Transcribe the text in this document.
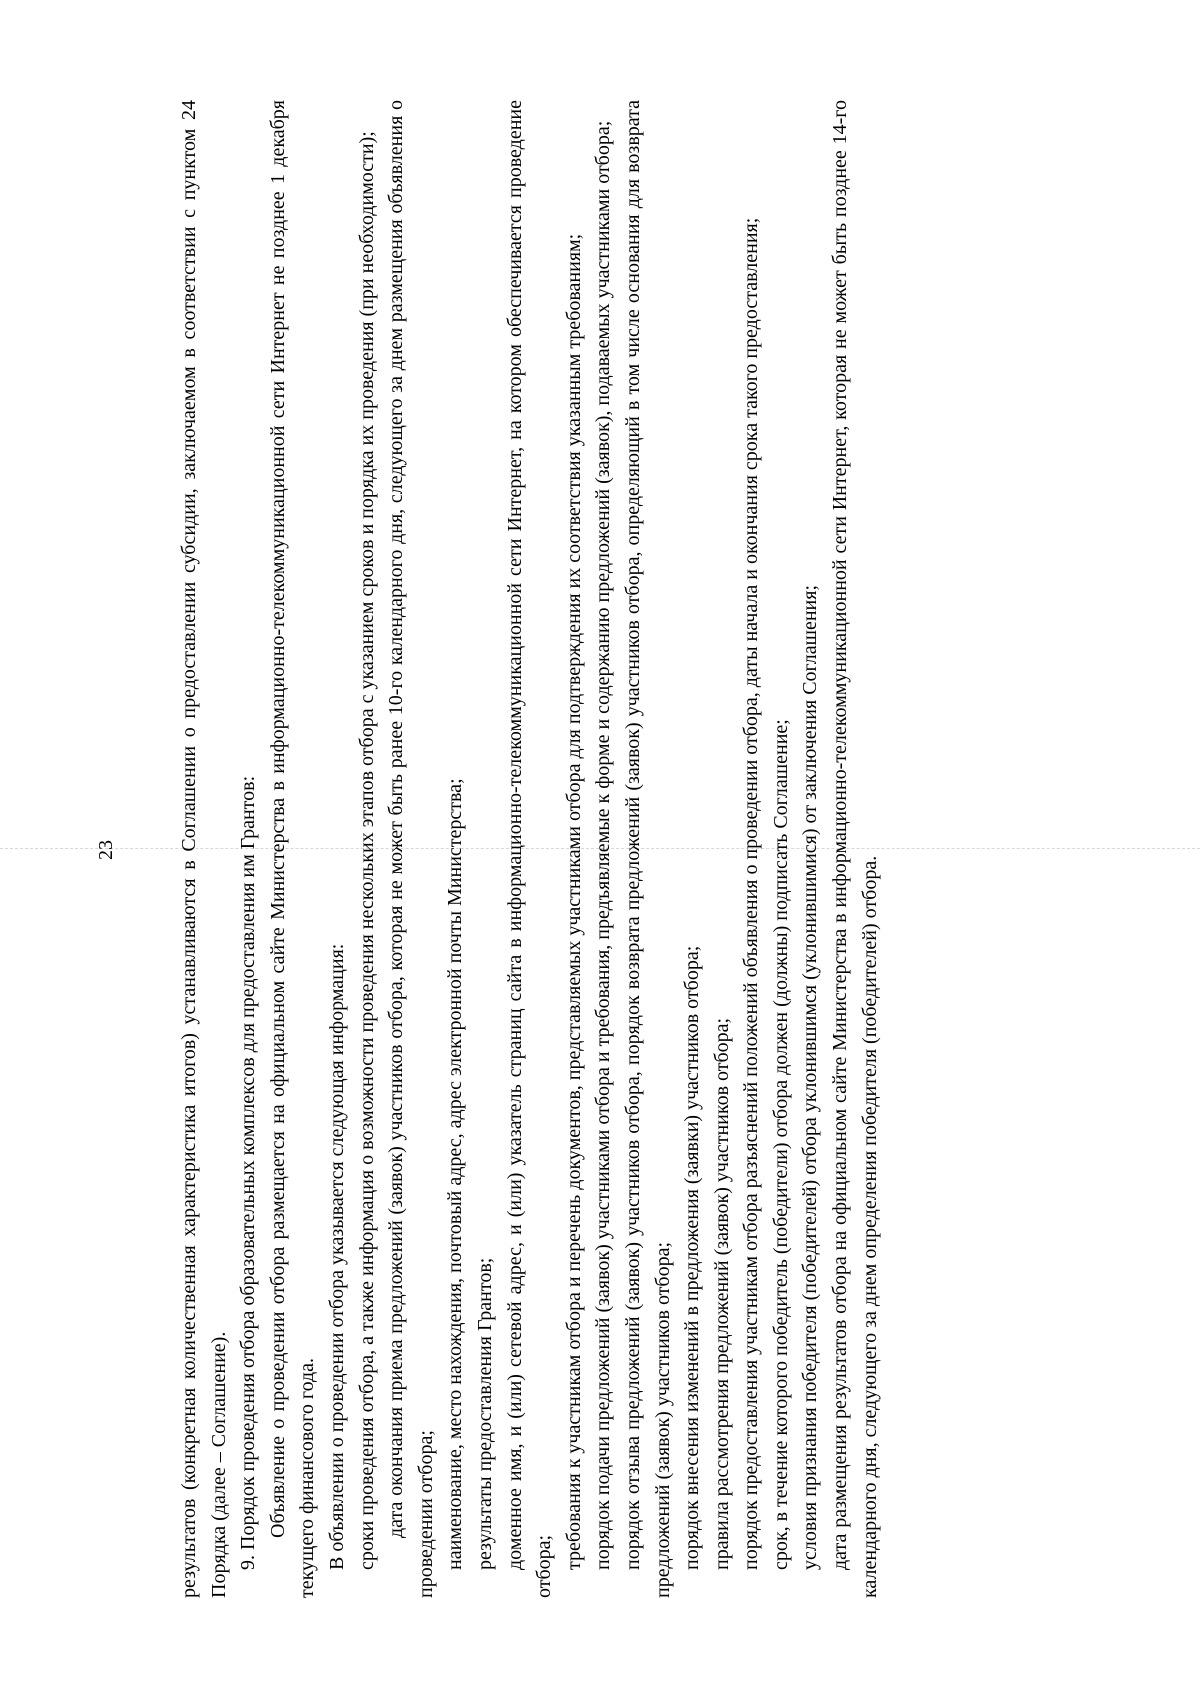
23	результатов (конкретная количественная характеристика итогов) устанавливаются в Соглашении о предоставлении субсидии, заключаемом в соответствии с пунктом 24 Порядка (далее – Соглашение). 9. Порядок проведения отбора образовательных комплексов для предоставления им Грантов: Объявление о проведении отбора размещается на официальном сайте Министерства в информационно-телекоммуникационной сети Интернет не позднее 1 декабря текущего финансового года. В объявлении о проведении отбора указывается следующая информация: сроки проведения отбора, а также информация о возможности проведения нескольких этапов отбора с указанием сроков и порядка их проведения (при необходимости); дата окончания приема предложений (заявок) участников отбора, которая не может быть ранее 10-го календарного дня, следующего за днем размещения объявления о проведении отбора; наименование, место нахождения, почтовый адрес, адрес электронной почты Министерства; результаты предоставления Грантов; доменное имя, и (или) сетевой адрес, и (или) указатель страниц сайта в информационно-телекоммуникационной сети Интернет, на котором обеспечивается проведение отбора; требования к участникам отбора и перечень документов, представляемых участниками отбора для подтверждения их соответствия указанным требованиям; порядок подачи предложений (заявок) участниками отбора и требования, предъявляемые к форме и содержанию предложений (заявок), подаваемых участниками отбора; порядок отзыва предложений (заявок) участников отбора, порядок возврата предложений (заявок) участников отбора, определяющий в том числе основания для возврата предложений (заявок) участников отбора; порядок внесения изменений в предложения (заявки) участников отбора; правила рассмотрения предложений (заявок) участников отбора; порядок предоставления участникам отбора разъяснений положений объявления о проведении отбора, даты начала и окончания срока такого предоставления; срок, в течение которого победитель (победители) отбора должен (должны) подписать Соглашение; условия признания победителя (победителей) отбора уклонившимся (уклонившимися) от заключения Соглашения; дата размещения результатов отбора на официальном сайте Министерства в информационно-телекоммуникационной сети Интернет, которая не может быть позднее 14-го календарного дня, следующего за днем определения победителя (победителей) отбора.
